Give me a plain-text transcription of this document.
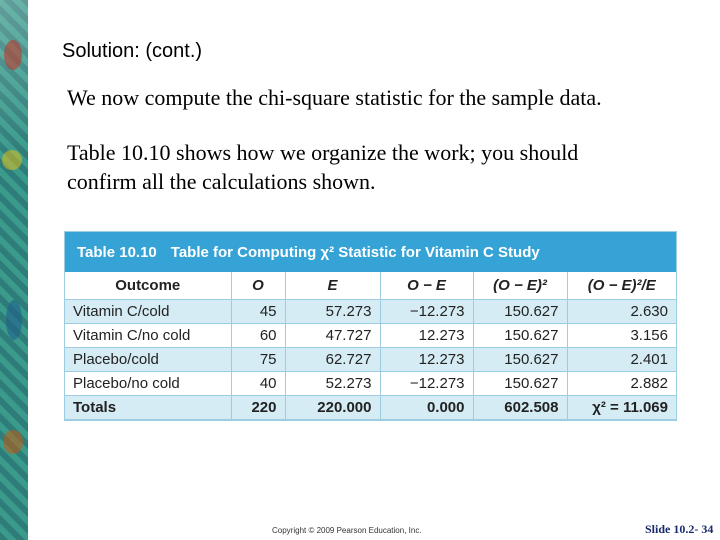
Solution: (cont.)
We now compute the chi-square statistic for the sample data.
Table 10.10 shows how we organize the work; you should
confirm all the calculations shown.
Table 10.10 Table for Computing χ² Statistic for Vitamin C Study
Outcome	O	E	O − E	(O − E)²	(O − E)²/E
Vitamin C/cold	45	57.273	−12.273	150.627	2.630
Vitamin C/no cold	60	47.727	12.273	150.627	3.156
Placebo/cold	75	62.727	12.273	150.627	2.401
Placebo/no cold	40	52.273	−12.273	150.627	2.882
Totals	220	220.000	0.000	602.508	χ² = 11.069
Copyright © 2009 Pearson Education, Inc.	Slide 10.2- 34
